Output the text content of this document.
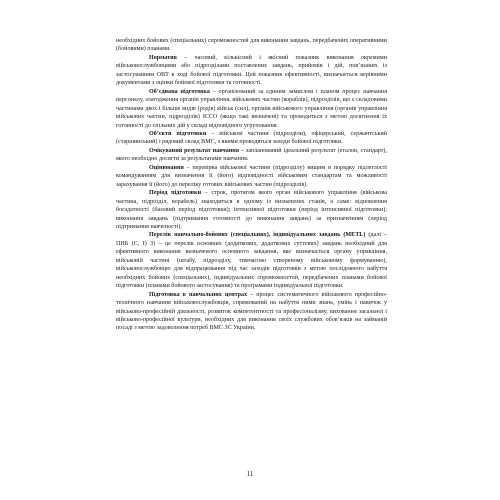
необхідних бойових (спеціальних) спроможностей для виконання завдань, передбачених оперативними (бойовими) планами.

Норматив – часовий, кількісний і якісний показник виконання окремими військовослужбовцями або підрозділами поставлених завдань, прийомів і дій, пов’язаних із застосуванням ОВТ в ході бойової підготовки. Цей показник ефективності, визначається керівними документами з оцінки бойової підготовки та готовності.

Об’єднана підготовка – організований за єдиним замислом і планом процес навчання персоналу, злагодження органів управління, військових частин (кораблів), підрозділів, що є складовими частинами двох і більше видів (родів) військ (сил), органів військового управління (органів управління військових частин, підрозділів) ІССО (якщо такі визначені) та проводиться з метою досягнення їх готовності до спільних дій у складі відповідного угруповання.

Об’єкти підготовки – військові частини (підрозділи), офіцерський, сержантський (старшинський) і рядовий склад ВМС, з якими проводяться заходи бойової підготовки.

Очікуваний результат навчання – запланований ідеальний результат (еталон, стандарт), якого необхідно досягти за результатами навчання.

Оцінювання – перевірка військової частини (підрозділу) вищим в порядку підлеглості командуванням для визначення її (його) відповідності військовим стандартам та можливості зарахування її (його) до переліку готових військових частин (підрозділів).

Період підготовки – строк, протягом якого орган військового управління (військова частина, підрозділ, корабель) знаходиться в одному із визначених станів, а саме: відновлення боєздатності (базовий період підготовки); інтенсивної підготовки (період інтенсивної підготовки); виконання завдань (підтримання готовності до виконання завдань) за призначенням (період підтримання навченості).

Перелік навчально-бойових (спеціальних), індивідуальних завдань (METL) (далі – ПНБ (С, І) З) – це перелік основних (додаткових, додаткових суттєвих) завдань необхідний для ефективного виконання визначеного основного завдання, яке визначається органу управління, військовій частині (штабу, підрозділу, тимчасово створеному військовому формуванню), військовослужбовцю для відпрацювання під час заходів підготовки з метою послідовного набуття необхідних бойових (спеціальних), індивідуальних спроможностей, передбачених планами бойової підготовки (планами бойового застосування) та програмами індивідуальної підготовки.

Підготовка в навчальних центрах – процес систематичного військового професійно-технічного навчання військовослужбовців, спрямований на набуття ними знань, умінь і навичок у військово-професійній діяльності, розвиток компетентності та професіоналізму, виховання загальної і військово-професійної культури, необхідних для виконання своїх службових обов’язків на займаній посаді з метою задоволення потреб ВМС ЗС України.

11
